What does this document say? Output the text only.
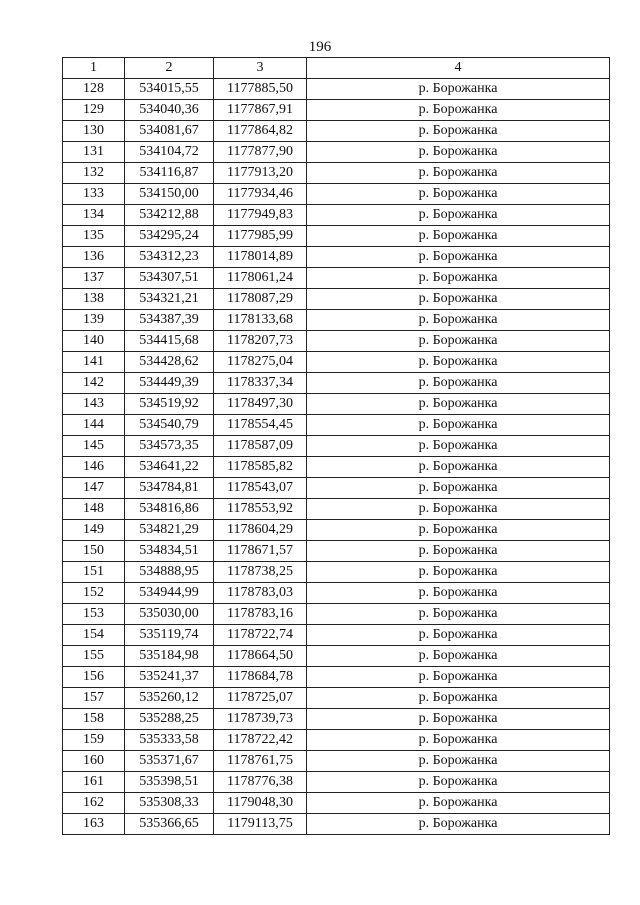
196
1	2	3	4
128	534015,55	1177885,50	р. Борожанка
129	534040,36	1177867,91	р. Борожанка
130	534081,67	1177864,82	р. Борожанка
131	534104,72	1177877,90	р. Борожанка
132	534116,87	1177913,20	р. Борожанка
133	534150,00	1177934,46	р. Борожанка
134	534212,88	1177949,83	р. Борожанка
135	534295,24	1177985,99	р. Борожанка
136	534312,23	1178014,89	р. Борожанка
137	534307,51	1178061,24	р. Борожанка
138	534321,21	1178087,29	р. Борожанка
139	534387,39	1178133,68	р. Борожанка
140	534415,68	1178207,73	р. Борожанка
141	534428,62	1178275,04	р. Борожанка
142	534449,39	1178337,34	р. Борожанка
143	534519,92	1178497,30	р. Борожанка
144	534540,79	1178554,45	р. Борожанка
145	534573,35	1178587,09	р. Борожанка
146	534641,22	1178585,82	р. Борожанка
147	534784,81	1178543,07	р. Борожанка
148	534816,86	1178553,92	р. Борожанка
149	534821,29	1178604,29	р. Борожанка
150	534834,51	1178671,57	р. Борожанка
151	534888,95	1178738,25	р. Борожанка
152	534944,99	1178783,03	р. Борожанка
153	535030,00	1178783,16	р. Борожанка
154	535119,74	1178722,74	р. Борожанка
155	535184,98	1178664,50	р. Борожанка
156	535241,37	1178684,78	р. Борожанка
157	535260,12	1178725,07	р. Борожанка
158	535288,25	1178739,73	р. Борожанка
159	535333,58	1178722,42	р. Борожанка
160	535371,67	1178761,75	р. Борожанка
161	535398,51	1178776,38	р. Борожанка
162	535308,33	1179048,30	р. Борожанка
163	535366,65	1179113,75	р. Борожанка
